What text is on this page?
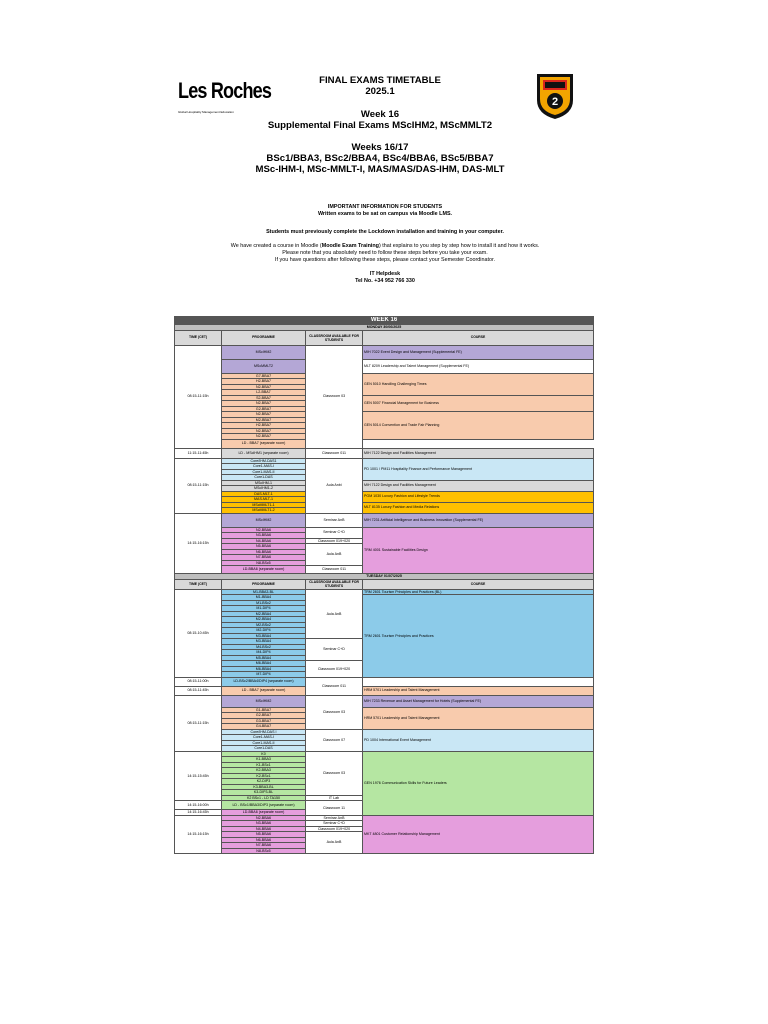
Les Roches
Global Hospitality Management Education
2
FINAL EXAMS TIMETABLE
2025.1
Week 16
Supplemental Final Exams MScIHM2, MScMMLT2
Weeks 16/17
BSc1/BBA3, BSc2/BBA4, BSc4/BBA6, BSc5/BBA7
MSc-IHM-I, MSc-MMLT-I, MAS/MAS/DAS-IHM, DAS-MLT
IMPORTANT INFORMATION FOR STUDENTS
Written exams to be sat on campus via Moodle LMS.
Students must previously complete the Lockdown installation and training in your computer.
We have created a course in Moodle (Moodle Exam Training) that explains to you step by step how to install it and how it works.
Please note that you absolutely need to follow these steps before you take your exam.
If you have questions after following these steps, please contact your Semester Coordinator.
IT Helpdesk
Tel No. +34 952 766 330
WEEK 16			
MONDAY 30/06/2025			
TIME (CET)	PROGRAMME	CLASSROOM AVAILABLE FOR STUDENTS	COURSE
08:15-11:15h	MScIHM2	Classroom 03	MIH 7022 Event Design and Management (Supplemental FE)
	MScMMLT2		MLT 8209 Leadership and Talent Management (Supplemental FE)
	G7-BBA7		GEN 5010 Handling Challenging Times
	H2-BBA7		
	N2-BBA7		
	L2-BBA7		
	S2-BBA7		GEN 5007 Financial Management for Business
	N2-BBA7		
	G2-BBA7		
	N2-BBA7		GEN 5014 Convention and Trade Fair Planning
	M2-BBA7		
	H2-BBA7		
	N2-BBA7		
	N2-BBA7		
	LD - BBA7 (separate room)		
11:15-11:45h	LD - MScIHM1 (separate room)	Classroom 011	MIH 7122 Design and Facilities Management
08:15-11:15h	Core/IHM-DAS1	Aula Anbi	PD 1001 / PM11 Hospitality Finance and Performance Management
	Core1-MAS-I		
	Core1-MAS-II		
	Core1-DAS		
	MScIHM-1		MIH 7122 Design and Facilities Management
	MScIHM1-2		
	DAS-MLT-1		PGM 1030 Luxury Fashion and Lifestyle Trends
	MAS-MLT-1		
	MScMMLT1-1		MLT 8135 Luxury Fashion and Media Relations
	MScMMLT1-2		
14:15-16:15h	MScIHM2	Seminar AnB	MIH 7231 Artificial Intelligence and Business Innovation (Supplemental FE)
	N2-BBA6	Seminar C+D	TRM 4001 Sustainable Facilities Design
	N3-BBA6		
	N4-BBA6	Classroom 019+020	
	N5-BBA6	Aula AnB	
	N6-BBA6		
	N7-BBA6		
	N8-BSc5		
	LD-BBA6 (separate room)	Classroom 011	
TUESDAY 01/07/2025			
TIME (CET)	PROGRAMME	CLASSROOM AVAILABLE FOR STUDENTS	COURSE
08:15-10:45h	M1-BBA3-BL	Aula AnB	TRM 2601 Tourism Principles and Practices (BL)
	M1-BBA4		TRM 2601 Tourism Principles and Practices
	M1-BSc2		
	M1-DIP4		
	M2-BBA4		
	M2-BBA4		
	M2-BSc2		
	M2-DIP4		
	M3-BBA4		
	M3-BBA4	Seminar C+D	
	M4-BSc2		
	M4-DIP4		
	M5-BBA4		
	M6-BBA4	Classroom 019+020	
	M6-BBA4		
	M7-DIP4		
08:15-11:00h	LD-BSc2/BBA4/DIP4 (separate room)	Classroom 011	
08:15-11:45h	LD - BBA7 (separate room)		HRM 5701 Leadership and Talent Management
08:15-11:15h	MScIHM2	Classroom 03	MIH 7233 Revenue and Asset Management for Hotels (Supplemental FE)
	G1-BBA7		HRM 5701 Leadership and Talent Management
	G2-BBA7		
	G3-BBA7		
	G4-BBA7		
	Core/IHM-DAS I	Classroom 07	PD 1004 International Event Management
	Core1-MAS-I		
	Core1-MAS-II		
	Core1-DAS		
14:15-15:45h	K0	Classroom 03	GEN 1976 Communication Skills for Future Leaders
	K1-BBA3		
	K1-BSc1		
	K2-BBA3		
	K2-BSc1		
	K2-DIP3		
	K3-BBA3-BL		
	K3-DIP3-BL		
	K2 BSc1 - LD TA150	IT Lab	
14:15-16:00h	LD - BSc1/BBA3/DIP3 (separate room)	Classroom 11	
14:15-16:45h	LD-BBA6 (separate room)		
14:15-16:15h	N2-BBA6	Seminar AnB	MKT 4801 Customer Relationship Management
	N3-BBA6	Seminar C+D	
	N4-BBA6	Classroom 019+020	
	N5-BBA6	Aula AnB	
	N6-BBA6		
	N7-BBA6		
	N8-BSc5		
